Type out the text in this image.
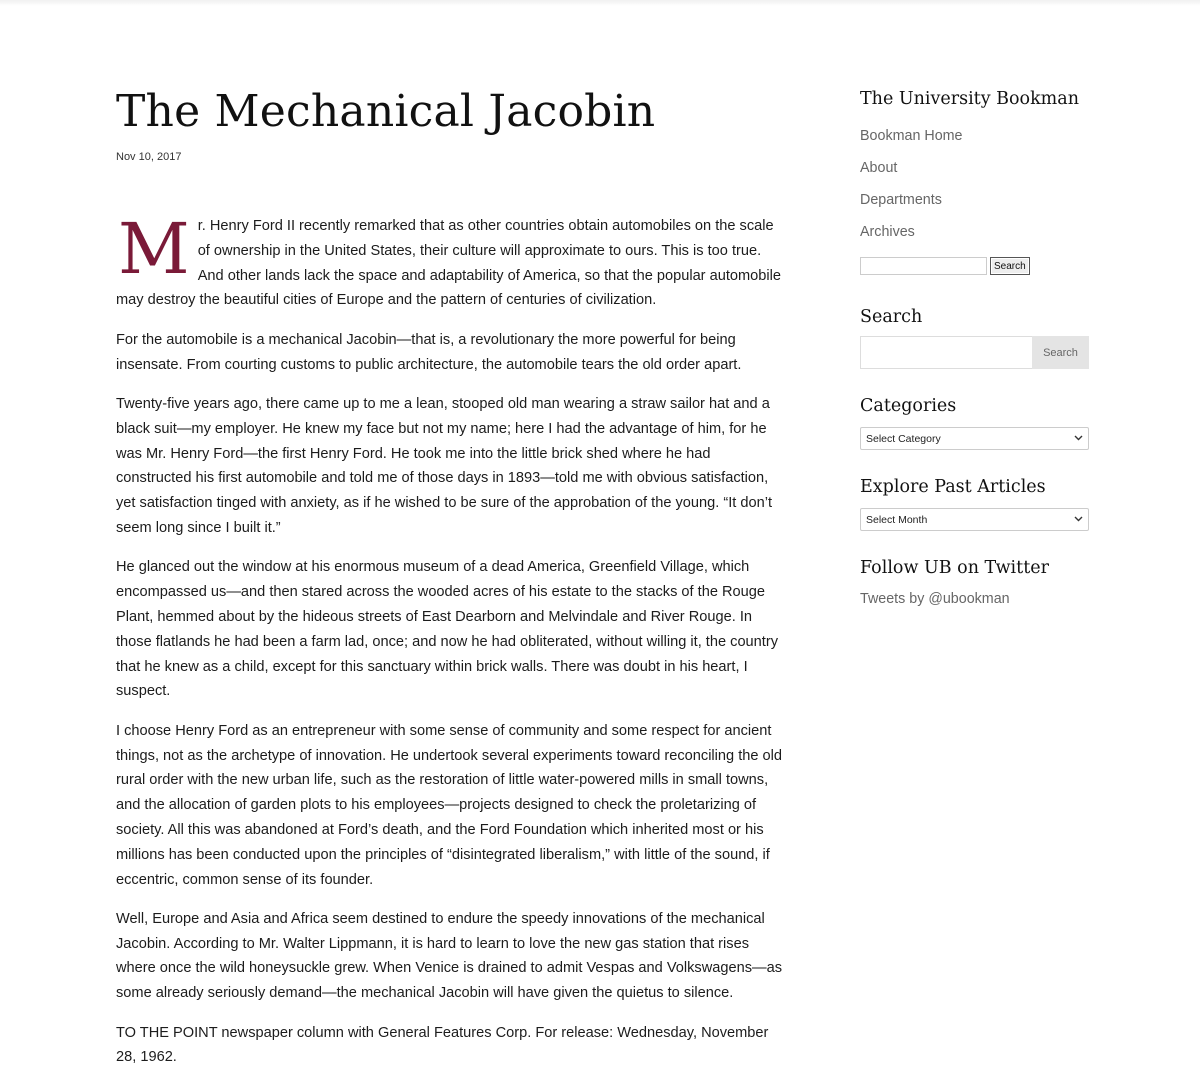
The Mechanical Jacobin
Nov 10, 2017

Mr. Henry Ford II recently remarked that as other countries obtain automobiles on the scale of ownership in the United States, their culture will approximate to ours. This is too true. And other lands lack the space and adaptability of America, so that the popular automobile may destroy the beautiful cities of Europe and the pattern of centuries of civilization.

For the automobile is a mechanical Jacobin—that is, a revolutionary the more powerful for being insensate. From courting customs to public architecture, the automobile tears the old order apart.

Twenty-five years ago, there came up to me a lean, stooped old man wearing a straw sailor hat and a black suit—my employer. He knew my face but not my name; here I had the advantage of him, for he was Mr. Henry Ford—the first Henry Ford. He took me into the little brick shed where he had constructed his first automobile and told me of those days in 1893—told me with obvious satisfaction, yet satisfaction tinged with anxiety, as if he wished to be sure of the approbation of the young. “It don’t seem long since I built it.”

He glanced out the window at his enormous museum of a dead America, Greenfield Village, which encompassed us—and then stared across the wooded acres of his estate to the stacks of the Rouge Plant, hemmed about by the hideous streets of East Dearborn and Melvindale and River Rouge. In those flatlands he had been a farm lad, once; and now he had obliterated, without willing it, the country that he knew as a child, except for this sanctuary within brick walls. There was doubt in his heart, I suspect.

I choose Henry Ford as an entrepreneur with some sense of community and some respect for ancient things, not as the archetype of innovation. He undertook several experiments toward reconciling the old rural order with the new urban life, such as the restoration of little water-powered mills in small towns, and the allocation of garden plots to his employees—projects designed to check the proletarizing of society. All this was abandoned at Ford’s death, and the Ford Foundation which inherited most or his millions has been conducted upon the principles of “disintegrated liberalism,” with little of the sound, if eccentric, common sense of its founder.

Well, Europe and Asia and Africa seem destined to endure the speedy innovations of the mechanical Jacobin. According to Mr. Walter Lippmann, it is hard to learn to love the new gas station that rises where once the wild honeysuckle grew. When Venice is drained to admit Vespas and Volkswagens—as some already seriously demand—the mechanical Jacobin will have given the quietus to silence.

TO THE POINT newspaper column with General Features Corp. For release: Wednesday, November 28, 1962.

The University Bookman
Bookman Home
About
Departments
Archives
Search
Search
Search
Categories
Select Category
Explore Past Articles
Select Month
Follow UB on Twitter
Tweets by @ubookman
